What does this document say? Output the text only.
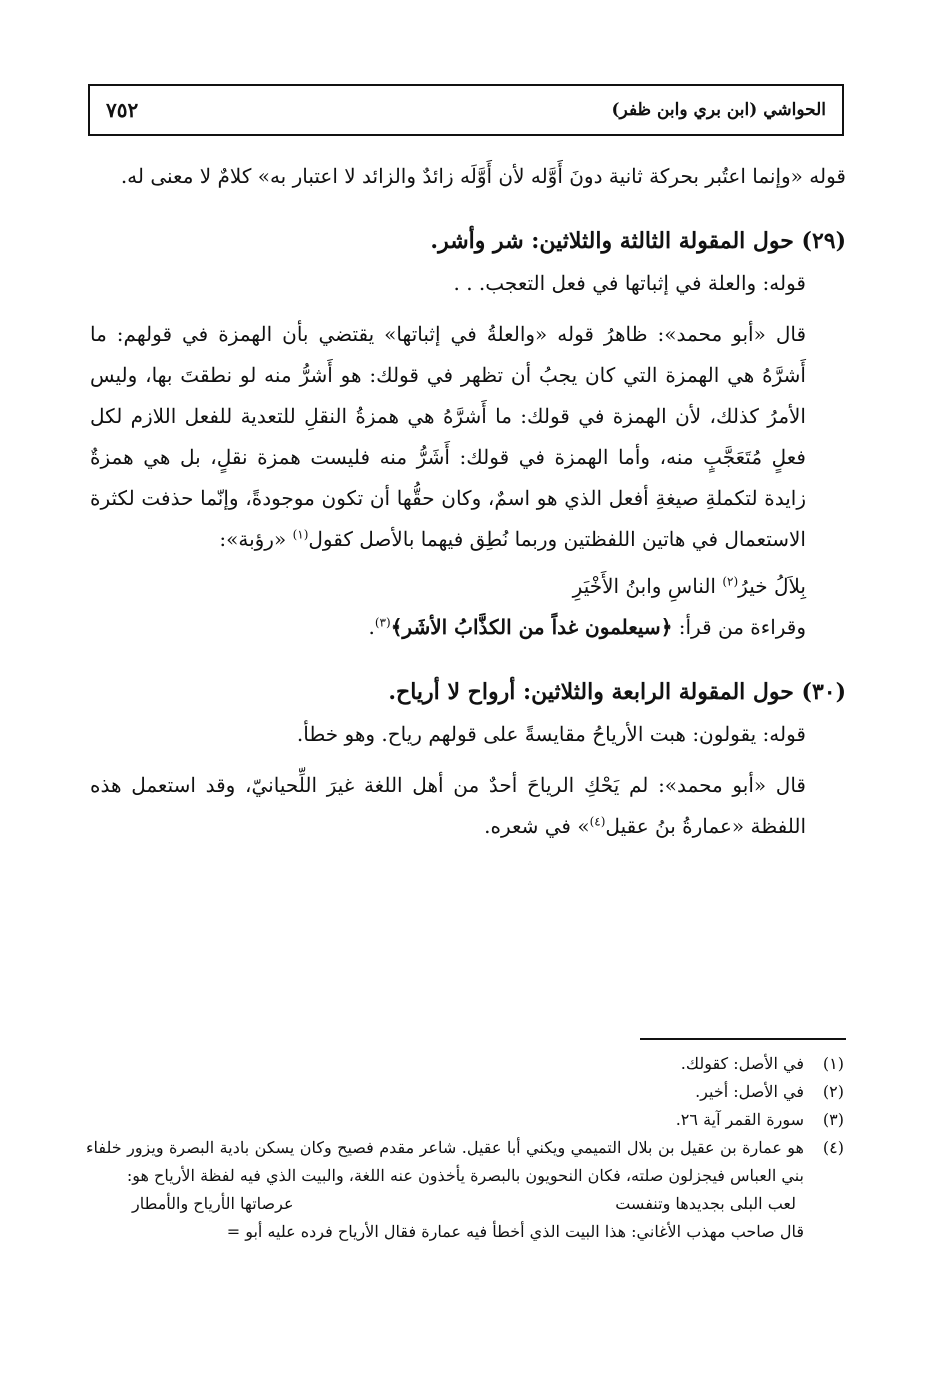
٧٥٢	الحواشي (ابن بري وابن ظفر)

قوله «وإنما اعتُبر بحركة ثانية دونَ أَوَّله لأن أَوَّلَه زائدٌ والزائد لا اعتبار به» كلامٌ لا معنى له.

(٢٩) حول المقولة الثالثة والثلاثين: شر وأشر.

قوله: والعلة في إثباتها في فعل التعجب. . .

قال «أبو محمد»: ظاهرُ قوله «والعلةُ في إثباتها» يقتضي بأن الهمزة في قولهم: ما أَشرَّهُ هي الهمزة التي كان يجبُ أن تظهر في قولك: هو أَشرُّ منه لو نطقتَ بها، وليس الأمرُ كذلك، لأن الهمزة في قولك: ما أَشرَّهُ هي همزةُ النقلِ للتعدية للفعل اللازم لكل فعلٍ مُتَعَجَّبٍ منه، وأما الهمزة في قولك: أَشَرُّ منه فليست همزة نقلٍ، بل هي همزةٌ زايدة لتكملةِ صيغةِ أفعل الذي هو اسمٌ، وكان حقُّها أن تكون موجودةً، وإنّما حذفت لكثرة الاستعمال في هاتين اللفظتين وربما نُطِق فيهما بالأصل كقول$^{(١)}$ «رؤبة»:

بِلاَلُ خيرُ$^{(٢)}$ الناسِ وابنُ الأَخْيَرِ

وقراءة من قرأ: ﴿سيعلمون غداً من الكذَّابُ الأشَر﴾$^{(٣)}$.

(٣٠) حول المقولة الرابعة والثلاثين: أرواح لا أرياح.

قوله: يقولون: هبت الأرياحُ مقايسةً على قولهم رياح. وهو خطأ.

قال «أبو محمد»: لم يَحْكِ الرياحَ أحدٌ من أهل اللغة غيرَ اللِّحيانيّ، وقد استعمل هذه اللفظة «عمارةُ بنُ عقيل$^{(٤)}$» في شعره.

(١)
في الأصل: كقولك.
(٢)
في الأصل: أخير.
(٣)
سورة القمر آية ٢٦.
(٤)
هو عمارة بن عقيل بن بلال التميمي ويكني أبا عقيل. شاعر مقدم فصيح وكان يسكن بادية البصرة ويزور خلفاء بني العباس فيجزلون صلته، فكان النحويون بالبصرة يأخذون عنه اللغة، والبيت الذي فيه لفظة الأرياح هو:
لعب البلى بجديدها وتنفست
عرصاتها الأرياح والأمطار
قال صاحب مهذب الأغاني: هذا البيت الذي أخطأ فيه عمارة فقال الأرياح فرده عليه أبو =
